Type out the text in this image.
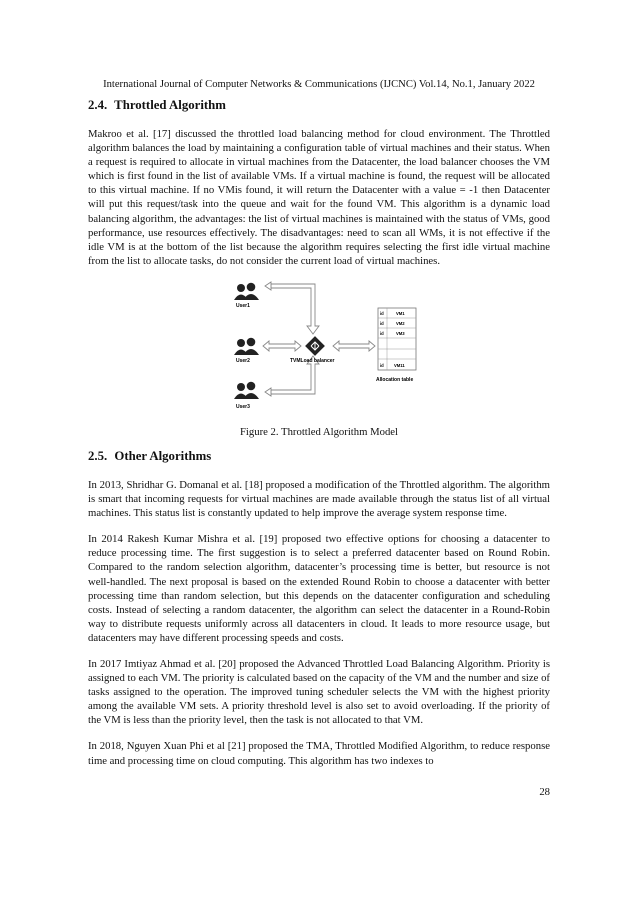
International Journal of Computer Networks & Communications (IJCNC) Vol.14, No.1, January 2022
2.4. Throttled Algorithm

Makroo et al. [17] discussed the throttled load balancing method for cloud environment. The Throttled algorithm balances the load by maintaining a configuration table of virtual machines and their status. When a request is required to allocate in virtual machines from the Datacenter, the load balancer chooses the VM which is first found in the list of available VMs. If a virtual machine is found, the request will be allocated to this virtual machine. If no VMis found, it will return the Datacenter with a value = -1 then Datacenter will put this request/task into the queue and wait for the found VM. This algorithm is a dynamic load balancing algorithm, the advantages: the list of virtual machines is maintained with the status of VMs, good performance, use resources effectively. The disadvantages: need to scan all WMs, it is not effective if the idle VM is at the bottom of the list because the algorithm requires selecting the first idle virtual machine from the list to allocate tasks, do not consider the current load of virtual machines.

User1
User2
User3
TVMLoad balancer
id	VM1
id	VM2
id	VM3
id VM11
Allocation table
Figure 2. Throttled Algorithm Model
2.5. Other Algorithms

In 2013, Shridhar G. Domanal et al. [18] proposed a modification of the Throttled algorithm. The algorithm is smart that incoming requests for virtual machines are made available through the status list of all virtual machines. This status list is constantly updated to help improve the average system response time.

In 2014 Rakesh Kumar Mishra et al. [19] proposed two effective options for choosing a datacenter to reduce processing time. The first suggestion is to select a preferred datacenter based on Round Robin. Compared to the random selection algorithm, datacenter’s processing time is better, but resource is not well-handled. The next proposal is based on the extended Round Robin to choose a datacenter with better processing time than random selection, but this depends on the datacenter configuration and scheduling costs. Instead of selecting a random datacenter, the algorithm can select the datacenter in a Round-Robin way to distribute requests uniformly across all datacenters in cloud. It leads to more resource usage, but datacenters may have different processing speeds and costs.

In 2017 Imtiyaz Ahmad et al. [20] proposed the Advanced Throttled Load Balancing Algorithm. Priority is assigned to each VM. The priority is calculated based on the capacity of the VM and the number and size of tasks assigned to the operation. The improved tuning scheduler selects the VM with the highest priority among the available VM sets. A priority threshold level is also set to avoid overloading. If the priority of the VM is less than the priority level, then the task is not allocated to that VM.

In 2018, Nguyen Xuan Phi et al [21] proposed the TMA, Throttled Modified Algorithm, to reduce response time and processing time on cloud computing. This algorithm has two indexes to

28
